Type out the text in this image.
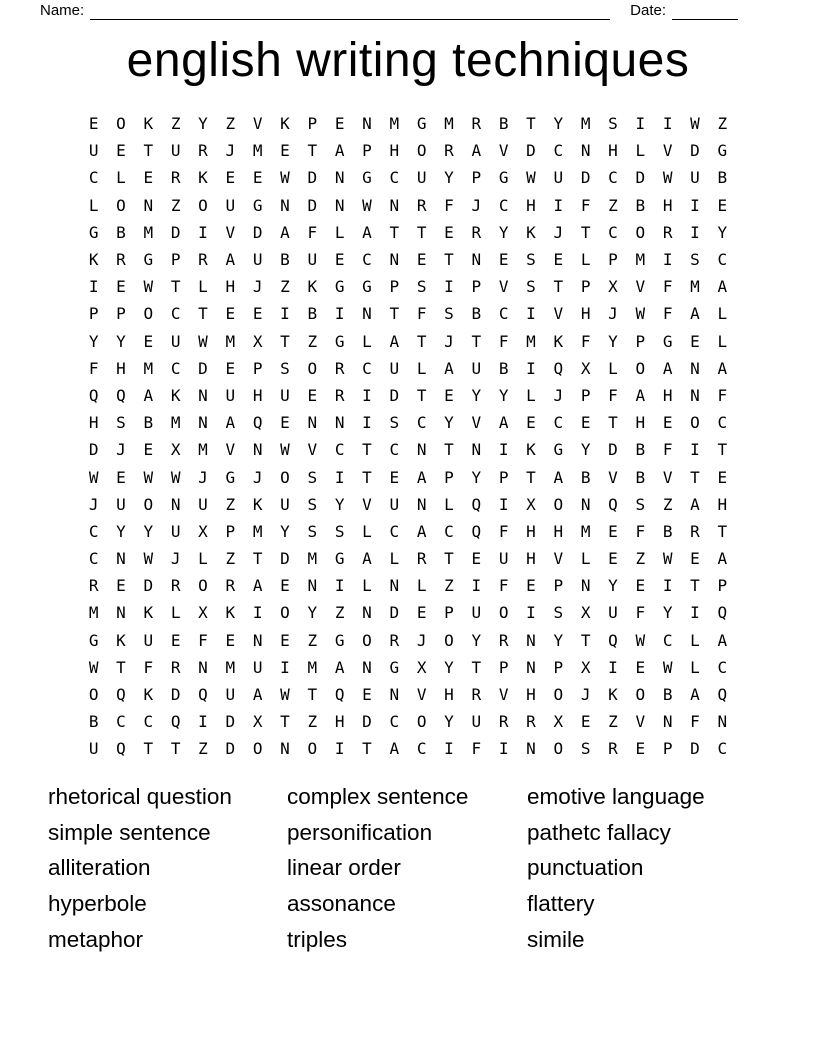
Name:	Date:
english writing techniques
E	O	K	Z	Y	Z	V	K	P	E	N	M	G	M	R	B	T	Y	M	S	I	I	W	Z
U	E	T	U	R	J	M	E	T	A	P	H	O	R	A	V	D	C	N	H	L	V	D	G
C	L	E	R	K	E	E	W	D	N	G	C	U	Y	P	G	W	U	D	C	D	W	U	B
L	O	N	Z	O	U	G	N	D	N	W	N	R	F	J	C	H	I	F	Z	B	H	I	E
G	B	M	D	I	V	D	A	F	L	A	T	T	E	R	Y	K	J	T	C	O	R	I	Y
K	R	G	P	R	A	U	B	U	E	C	N	E	T	N	E	S	E	L	P	M	I	S	C
I	E	W	T	L	H	J	Z	K	G	G	P	S	I	P	V	S	T	P	X	V	F	M	A
P	P	O	C	T	E	E	I	B	I	N	T	F	S	B	C	I	V	H	J	W	F	A	L
Y	Y	E	U	W	M	X	T	Z	G	L	A	T	J	T	F	M	K	F	Y	P	G	E	L
F	H	M	C	D	E	P	S	O	R	C	U	L	A	U	B	I	Q	X	L	O	A	N	A
Q	Q	A	K	N	U	H	U	E	R	I	D	T	E	Y	Y	L	J	P	F	A	H	N	F
H	S	B	M	N	A	Q	E	N	N	I	S	C	Y	V	A	E	C	E	T	H	E	O	C
D	J	E	X	M	V	N	W	V	C	T	C	N	T	N	I	K	G	Y	D	B	F	I	T
W	E	W	W	J	G	J	O	S	I	T	E	A	P	Y	P	T	A	B	V	B	V	T	E
J	U	O	N	U	Z	K	U	S	Y	V	U	N	L	Q	I	X	O	N	Q	S	Z	A	H
C	Y	Y	U	X	P	M	Y	S	S	L	C	A	C	Q	F	H	H	M	E	F	B	R	T
C	N	W	J	L	Z	T	D	M	G	A	L	R	T	E	U	H	V	L	E	Z	W	E	A
R	E	D	R	O	R	A	E	N	I	L	N	L	Z	I	F	E	P	N	Y	E	I	T	P
M	N	K	L	X	K	I	O	Y	Z	N	D	E	P	U	O	I	S	X	U	F	Y	I	Q
G	K	U	E	F	E	N	E	Z	G	O	R	J	O	Y	R	N	Y	T	Q	W	C	L	A
W	T	F	R	N	M	U	I	M	A	N	G	X	Y	T	P	N	P	X	I	E	W	L	C
O	Q	K	D	Q	U	A	W	T	Q	E	N	V	H	R	V	H	O	J	K	O	B	A	Q
B	C	C	Q	I	D	X	T	Z	H	D	C	O	Y	U	R	R	X	E	Z	V	N	F	N
U	Q	T	T	Z	D	O	N	O	I	T	A	C	I	F	I	N	O	S	R	E	P	D	C
rhetorical question
simple sentence
alliteration
hyperbole
metaphor
complex sentence
personification
linear order
assonance
triples
emotive language
pathetc fallacy
punctuation
flattery
simile
